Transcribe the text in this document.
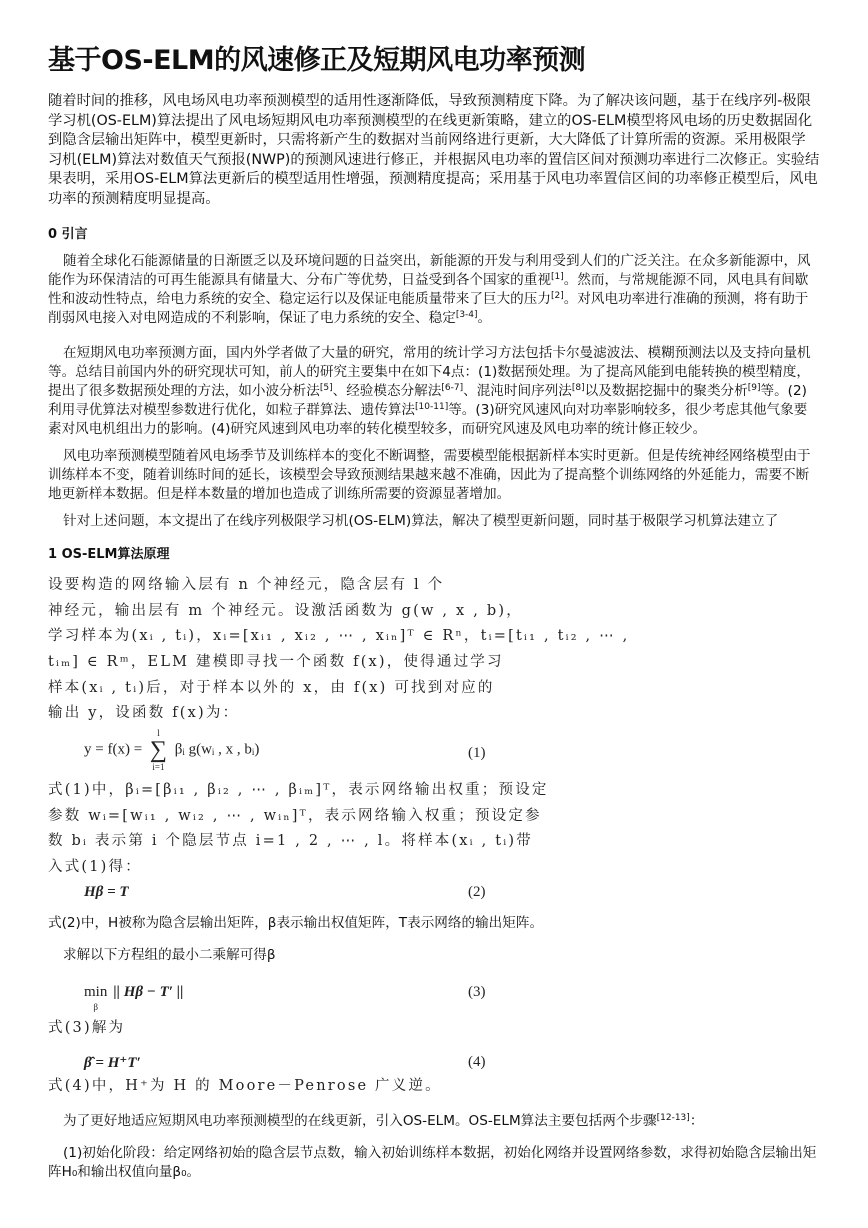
基于OS-ELM的风速修正及短期风电功率预测

随着时间的推移，风电场风电功率预测模型的适用性逐渐降低，导致预测精度下降。为了解决该问题，基于在线序列-极限学习机(OS-ELM)算法提出了风电场短期风电功率预测模型的在线更新策略，建立的OS-ELM模型将风电场的历史数据固化到隐含层输出矩阵中，模型更新时，只需将新产生的数据对当前网络进行更新，大大降低了计算所需的资源。采用极限学习机(ELM)算法对数值天气预报(NWP)的预测风速进行修正，并根据风电功率的置信区间对预测功率进行二次修正。实验结果表明，采用OS-ELM算法更新后的模型适用性增强，预测精度提高；采用基于风电功率置信区间的功率修正模型后，风电功率的预测精度明显提高。

0 引言

随着全球化石能源储量的日渐匮乏以及环境问题的日益突出，新能源的开发与利用受到人们的广泛关注。在众多新能源中，风能作为环保清洁的可再生能源具有储量大、分布广等优势，日益受到各个国家的重视[1]。然而，与常规能源不同，风电具有间歇性和波动性特点，给电力系统的安全、稳定运行以及保证电能质量带来了巨大的压力[2]。对风电功率进行准确的预测，将有助于削弱风电接入对电网造成的不利影响，保证了电力系统的安全、稳定[3-4]。

在短期风电功率预测方面，国内外学者做了大量的研究，常用的统计学习方法包括卡尔曼滤波法、模糊预测法以及支持向量机等。总结目前国内外的研究现状可知，前人的研究主要集中在如下4点：(1)数据预处理。为了提高风能到电能转换的模型精度，提出了很多数据预处理的方法，如小波分析法[5]、经验模态分解法[6-7]、混沌时间序列法[8]以及数据挖掘中的聚类分析[9]等。(2)利用寻优算法对模型参数进行优化，如粒子群算法、遗传算法[10-11]等。(3)研究风速风向对功率影响较多，很少考虑其他气象要素对风电机组出力的影响。(4)研究风速到风电功率的转化模型较多，而研究风速及风电功率的统计修正较少。

风电功率预测模型随着风电场季节及训练样本的变化不断调整，需要模型能根据新样本实时更新。但是传统神经网络模型由于训练样本不变，随着训练时间的延长，该模型会导致预测结果越来越不准确，因此为了提高整个训练网络的外延能力，需要不断地更新样本数据。但是样本数量的增加也造成了训练所需要的资源显著增加。

针对上述问题，本文提出了在线序列极限学习机(OS-ELM)算法，解决了模型更新问题，同时基于极限学习机算法建立了

1 OS-ELM算法原理
设要构造的网络输入层有 n 个神经元，隐含层有 l 个
神经元，输出层有 m 个神经元。设激活函数为 g(w , x , b)，
学习样本为(xᵢ , tᵢ)，xᵢ=[xᵢ₁ , xᵢ₂ , ⋯ , xᵢₙ]ᵀ ∈ Rⁿ，tᵢ=[tᵢ₁ , tᵢ₂ , ⋯ ,
tᵢₘ] ∈ Rᵐ，ELM 建模即寻找一个函数 f(x)，使得通过学习
样本(xᵢ , tᵢ)后，对于样本以外的 x，由 f(x) 可找到对应的
输出 y，设函数 f(x)为：
y = f(x) =
l
∑
i=1
βᵢ g(wᵢ , x , bᵢ)	(1)
式(1)中，βᵢ=[βᵢ₁ , βᵢ₂ , ⋯ , βᵢₘ]ᵀ，表示网络输出权重；预设定
参数 wᵢ=[wᵢ₁ , wᵢ₂ , ⋯ , wᵢₙ]ᵀ，表示网络输入权重；预设定参
数 bᵢ 表示第 i 个隐层节点 i=1 , 2 , ⋯ , l。将样本(xᵢ , tᵢ)带
入式(1)得：
Hβ = T	(2)

式(2)中，H被称为隐含层输出矩阵，β表示输出权值矩阵，T表示网络的输出矩阵。

求解以下方程组的最小二乘解可得β

min
β
|| Hβ − T′ ||	(3)
式(3)解为
β̂ = H⁺T′	(4)
式(4)中，H⁺为 H 的 Moore－Penrose 广义逆。

为了更好地适应短期风电功率预测模型的在线更新，引入OS-ELM。OS-ELM算法主要包括两个步骤[12-13]：

(1)初始化阶段：给定网络初始的隐含层节点数，输入初始训练样本数据，初始化网络并设置网络参数，求得初始隐含层输出矩阵H₀和输出权值向量β₀。
